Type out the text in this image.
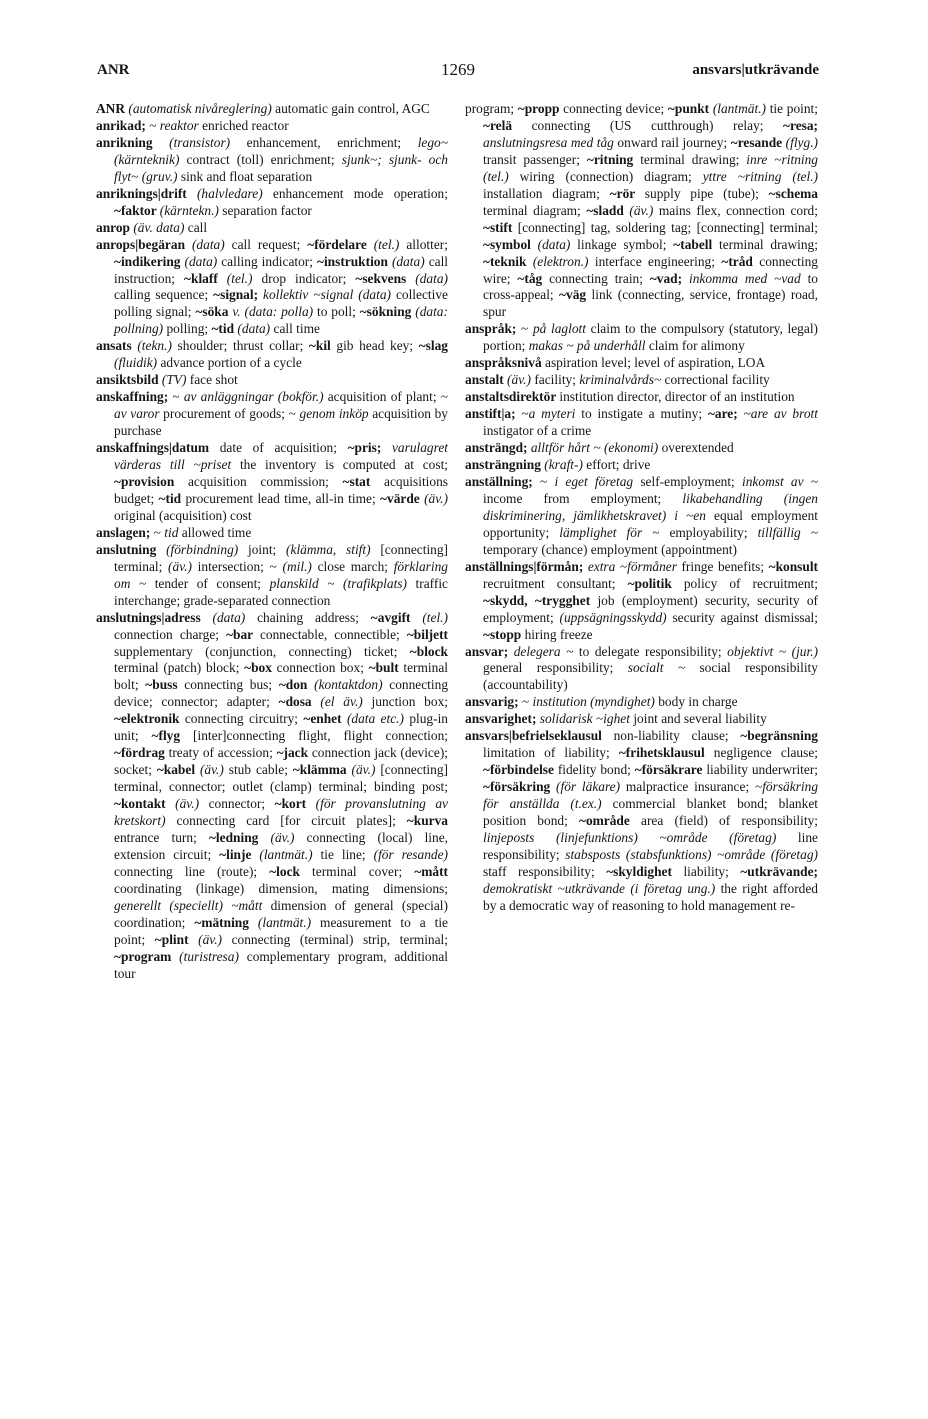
ANR	1269	ansvars|utkrävande

ANR (automatisk nivåreglering) automatic gain control, AGC

anrikad; ~ reaktor enriched reactor

anrikning (transistor) enhancement, enrichment; lego~ (kärnteknik) contract (toll) enrichment; sjunk~; sjunk- och flyt~ (gruv.) sink and float separation

anriknings|drift (halvledare) enhancement mode operation; ~faktor (kärntekn.) separation factor

anrop (äv. data) call

anrops|begäran (data) call request; ~fördelare (tel.) allotter; ~indikering (data) calling indicator; ~instruktion (data) call instruction; ~klaff (tel.) drop indicator; ~sekvens (data) calling sequence; ~signal; kollektiv ~signal (data) collective polling signal; ~söka v. (data: polla) to poll; ~sökning (data: pollning) polling; ~tid (data) call time

ansats (tekn.) shoulder; thrust collar; ~kil gib head key; ~slag (fluidik) advance portion of a cycle

ansiktsbild (TV) face shot

anskaffning; ~ av anläggningar (bokför.) acquisition of plant; ~ av varor procurement of goods; ~ genom inköp acquisition by purchase

anskaffnings|datum date of acquisition; ~pris; varulagret värderas till ~priset the inventory is computed at cost; ~provision acquisition commission; ~stat acquisitions budget; ~tid procurement lead time, all-in time; ~värde (äv.) original (acquisition) cost

anslagen; ~ tid allowed time

anslutning (förbindning) joint; (klämma, stift) [connecting] terminal; (äv.) intersection; ~ (mil.) close march; förklaring om ~ tender of consent; planskild ~ (trafikplats) traffic interchange; grade-separated connection

anslutnings|adress (data) chaining address; ~avgift (tel.) connection charge; ~bar connectable, connectible; ~biljett supplementary (conjunction, connecting) ticket; ~block terminal (patch) block; ~box connection box; ~bult terminal bolt; ~buss connecting bus; ~don (kontaktdon) connecting device; connector; adapter; ~dosa (el äv.) junction box; ~elektronik connecting circuitry; ~enhet (data etc.) plug-in unit; ~flyg [inter]connecting flight, flight connection; ~fördrag treaty of accession; ~jack connection jack (device); socket; ~kabel (äv.) stub cable; ~klämma (äv.) [connecting] terminal, connector; outlet (clamp) terminal; binding post; ~kontakt (äv.) connector; ~kort (för provanslutning av kretskort) connecting card [for circuit plates]; ~kurva entrance turn; ~ledning (äv.) connecting (local) line, extension circuit; ~linje (lantmät.) tie line; (för resande) connecting line (route); ~lock terminal cover; ~mått coordinating (linkage) dimension, mating dimensions; generellt (speciellt) ~mått dimension of general (special) coordination; ~mätning (lantmät.) measurement to a tie point; ~plint (äv.) connecting (terminal) strip, terminal; ~program (turistresa) complementary program, additional tour

program; ~propp connecting device; ~punkt (lantmät.) tie point; ~relä connecting (US cutthrough) relay; ~resa; anslutningsresa med tåg onward rail journey; ~resande (flyg.) transit passenger; ~ritning terminal drawing; inre ~ritning (tel.) wiring (connection) diagram; yttre ~ritning (tel.) installation diagram; ~rör supply pipe (tube); ~schema terminal diagram; ~sladd (äv.) mains flex, connection cord; ~stift [connecting] tag, soldering tag; [connecting] terminal; ~symbol (data) linkage symbol; ~tabell terminal drawing; ~teknik (elektron.) interface engineering; ~tråd connecting wire; ~tåg connecting train; ~vad; inkomma med ~vad to cross-appeal; ~väg link (connecting, service, frontage) road, spur

anspråk; ~ på laglott claim to the compulsory (statutory, legal) portion; makas ~ på underhåll claim for alimony

anspråksnivå aspiration level; level of aspiration, LOA

anstalt (äv.) facility; kriminalvårds~ correctional facility

anstaltsdirektör institution director, director of an institution

anstift|a; ~a myteri to instigate a mutiny; ~are; ~are av brott instigator of a crime

ansträngd; alltför hårt ~ (ekonomi) overextended

ansträngning (kraft-) effort; drive

anställning; ~ i eget företag self-employment; inkomst av ~ income from employment; likabehandling (ingen diskriminering, jämlikhetskravet) i ~en equal employment opportunity; lämplighet för ~ employability; tillfällig ~ temporary (chance) employment (appointment)

anställnings|förmån; extra ~förmåner fringe benefits; ~konsult recruitment consultant; ~politik policy of recruitment; ~skydd, ~trygghet job (employment) security, security of employment; (uppsägningsskydd) security against dismissal; ~stopp hiring freeze

ansvar; delegera ~ to delegate responsibility; objektivt ~ (jur.) general responsibility; socialt ~ social responsibility (accountability)

ansvarig; ~ institution (myndighet) body in charge

ansvarighet; solidarisk ~ighet joint and several liability

ansvars|befrielseklausul non-liability clause; ~begränsning limitation of liability; ~frihetsklausul negligence clause; ~förbindelse fidelity bond; ~försäkrare liability underwriter; ~försäkring (för läkare) malpractice insurance; ~försäkring för anställda (t.ex.) commercial blanket bond; blanket position bond; ~område area (field) of responsibility; linjeposts (linjefunktions) ~område (företag) line responsibility; stabsposts (stabsfunktions) ~område (företag) staff responsibility; ~skyldighet liability; ~utkrävande; demokratiskt ~utkrävande (i företag ung.) the right afforded by a democratic way of reasoning to hold management re-
